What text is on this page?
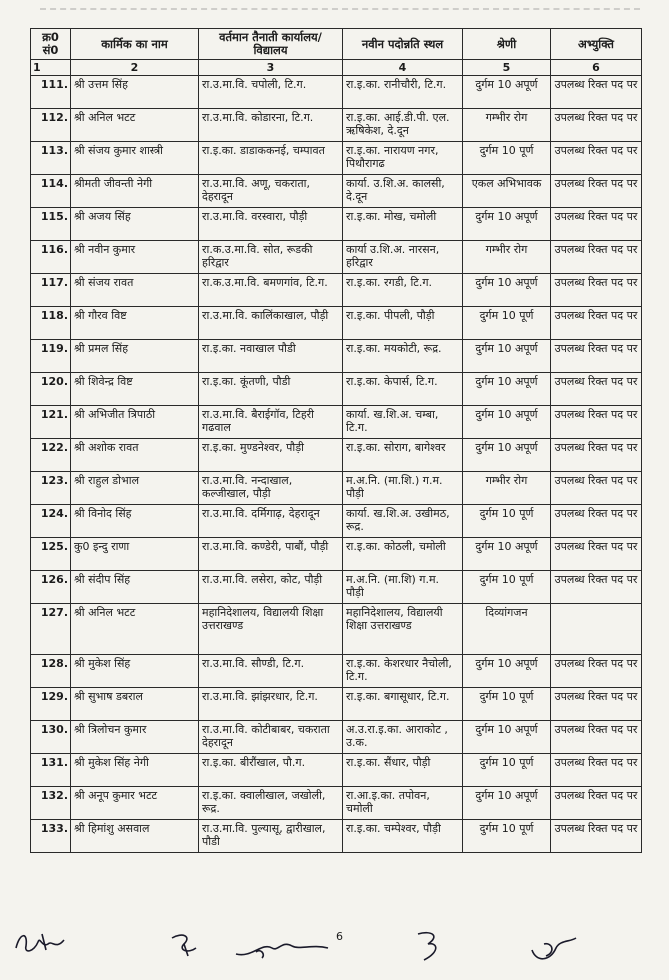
क्र0 सं0	कार्मिक का नाम	वर्तमान तैनाती कार्यालय/ विद्यालय	नवीन पदोन्नति स्थल	श्रेणी	अभ्युक्ति
1	2	3	4	5	6
111.	श्री उत्तम सिंह	रा.उ.मा.वि. चपोली, टि.ग.	रा.इ.का. रानीचौरी, टि.ग.	दुर्गम 10 अपूर्ण	उपलब्ध रिक्त पद पर
112.	श्री अनिल भटट	रा.उ.मा.वि. कोडारना, टि.ग.	रा.इ.का. आई.डी.पी. एल. ऋषिकेश, दे.दून	गम्भीर रोग	उपलब्ध रिक्त पद पर
113.	श्री संजय कुमार शास्त्री	रा.इ.का. डाडाककनई, चम्पावत	रा.इ.का. नारायण नगर, पिथौरागढ	दुर्गम 10 पूर्ण	उपलब्ध रिक्त पद पर
114.	श्रीमती जीवन्ती नेगी	रा.उ.मा.वि. अणू, चकराता, देहरादून	कार्या. उ.शि.अ. कालसी, दे.दून	एकल अभिभावक	उपलब्ध रिक्त पद पर
115.	श्री अजय सिंह	रा.उ.मा.वि. वरस्वारा, पौड़ी	रा.इ.का. मोख, चमोली	दुर्गम 10 अपूर्ण	उपलब्ध रिक्त पद पर
116.	श्री नवीन कुमार	रा.क.उ.मा.वि. सोत, रूडकी हरिद्वार	कार्या उ.शि.अ. नारसन, हरिद्वार	गम्भीर रोग	उपलब्ध रिक्त पद पर
117.	श्री संजय रावत	रा.क.उ.मा.वि. बमणगांव, टि.ग.	रा.इ.का. रगडी, टि.ग.	दुर्गम 10 अपूर्ण	उपलब्ध रिक्त पद पर
118.	श्री गौरव विष्ट	रा.उ.मा.वि. कालिंकाखाल, पौड़ी	रा.इ.का. पीपली, पौड़ी	दुर्गम 10 पूर्ण	उपलब्ध रिक्त पद पर
119.	श्री प्रमल सिंह	रा.इ.का. नवाखाल पौडी	रा.इ.का. मयकोटी, रूद्र.	दुर्गम 10 अपूर्ण	उपलब्ध रिक्त पद पर
120.	श्री शिवेन्द्र विष्ट	रा.इ.का. कूंतणी, पौडी	रा.इ.का. केपार्स, टि.ग.	दुर्गम 10 अपूर्ण	उपलब्ध रिक्त पद पर
121.	श्री अभिजीत त्रिपाठी	रा.उ.मा.वि. बैराईगॉव, टिहरी गढवाल	कार्या. ख.शि.अ. चम्बा, टि.ग.	दुर्गम 10 अपूर्ण	उपलब्ध रिक्त पद पर
122.	श्री अशोक रावत	रा.इ.का. मुण्डनेश्वर, पौड़ी	रा.इ.का. सोराग, बागेश्वर	दुर्गम 10 अपूर्ण	उपलब्ध रिक्त पद पर
123.	श्री राहुल डोभाल	रा.उ.मा.वि. नन्दाखाल, कल्जीखाल, पौड़ी	म.अ.नि. (मा.शि.) ग.म. पौड़ी	गम्भीर रोग	उपलब्ध रिक्त पद पर
124.	श्री विनोद सिंह	रा.उ.मा.वि. दर्मिगाढ़, देहरादून	कार्या. ख.शि.अ. उखीमठ, रूद्र.	दुर्गम 10 पूर्ण	उपलब्ध रिक्त पद पर
125.	कु0 इन्दु राणा	रा.उ.मा.वि. कण्डेरी, पाबौं, पौड़ी	रा.इ.का. कोठली, चमोली	दुर्गम 10 अपूर्ण	उपलब्ध रिक्त पद पर
126.	श्री संदीप सिंह	रा.उ.मा.वि. लसेरा, कोट, पौड़ी	म.अ.नि. (मा.शि) ग.म. पौड़ी	दुर्गम 10 पूर्ण	उपलब्ध रिक्त पद पर
127.	श्री अनिल भटट	महानिदेशालय, विद्यालयी शिक्षा उत्तराखण्ड	महानिदेशालय, विद्यालयी शिक्षा उत्तराखण्ड	दिव्यांगजन	
128.	श्री मुकेश सिंह	रा.उ.मा.वि. सौण्डी, टि.ग.	रा.इ.का. केशरधार नैचोली, टि.ग.	दुर्गम 10 अपूर्ण	उपलब्ध रिक्त पद पर
129.	श्री सुभाष डबराल	रा.उ.मा.वि. झांझरधार, टि.ग.	रा.इ.का. बगासूधार, टि.ग.	दुर्गम 10 पूर्ण	उपलब्ध रिक्त पद पर
130.	श्री त्रिलोचन कुमार	रा.उ.मा.वि. कोटीबाबर, चकराता देहरादून	अ.उ.रा.इ.का. आराकोट , उ.क.	दुर्गम 10 अपूर्ण	उपलब्ध रिक्त पद पर
131.	श्री मुकेश सिंह नेगी	रा.इ.का. बीरौंखाल, पौ.ग.	रा.इ.का. सैंधार, पौड़ी	दुर्गम 10 पूर्ण	उपलब्ध रिक्त पद पर
132.	श्री अनूप कुमार भटट	रा.इ.का. क्वालीखाल, जखोली, रूद्र.	रा.आ.इ.का. तपोवन, चमोली	दुर्गम 10 अपूर्ण	उपलब्ध रिक्त पद पर
133.	श्री हिमांशु असवाल	रा.उ.मा.वि. पुल्यासू, द्वारीखाल, पौडी	रा.इ.का. चम्पेश्वर, पौड़ी	दुर्गम 10 पूर्ण	उपलब्ध रिक्त पद पर
6
